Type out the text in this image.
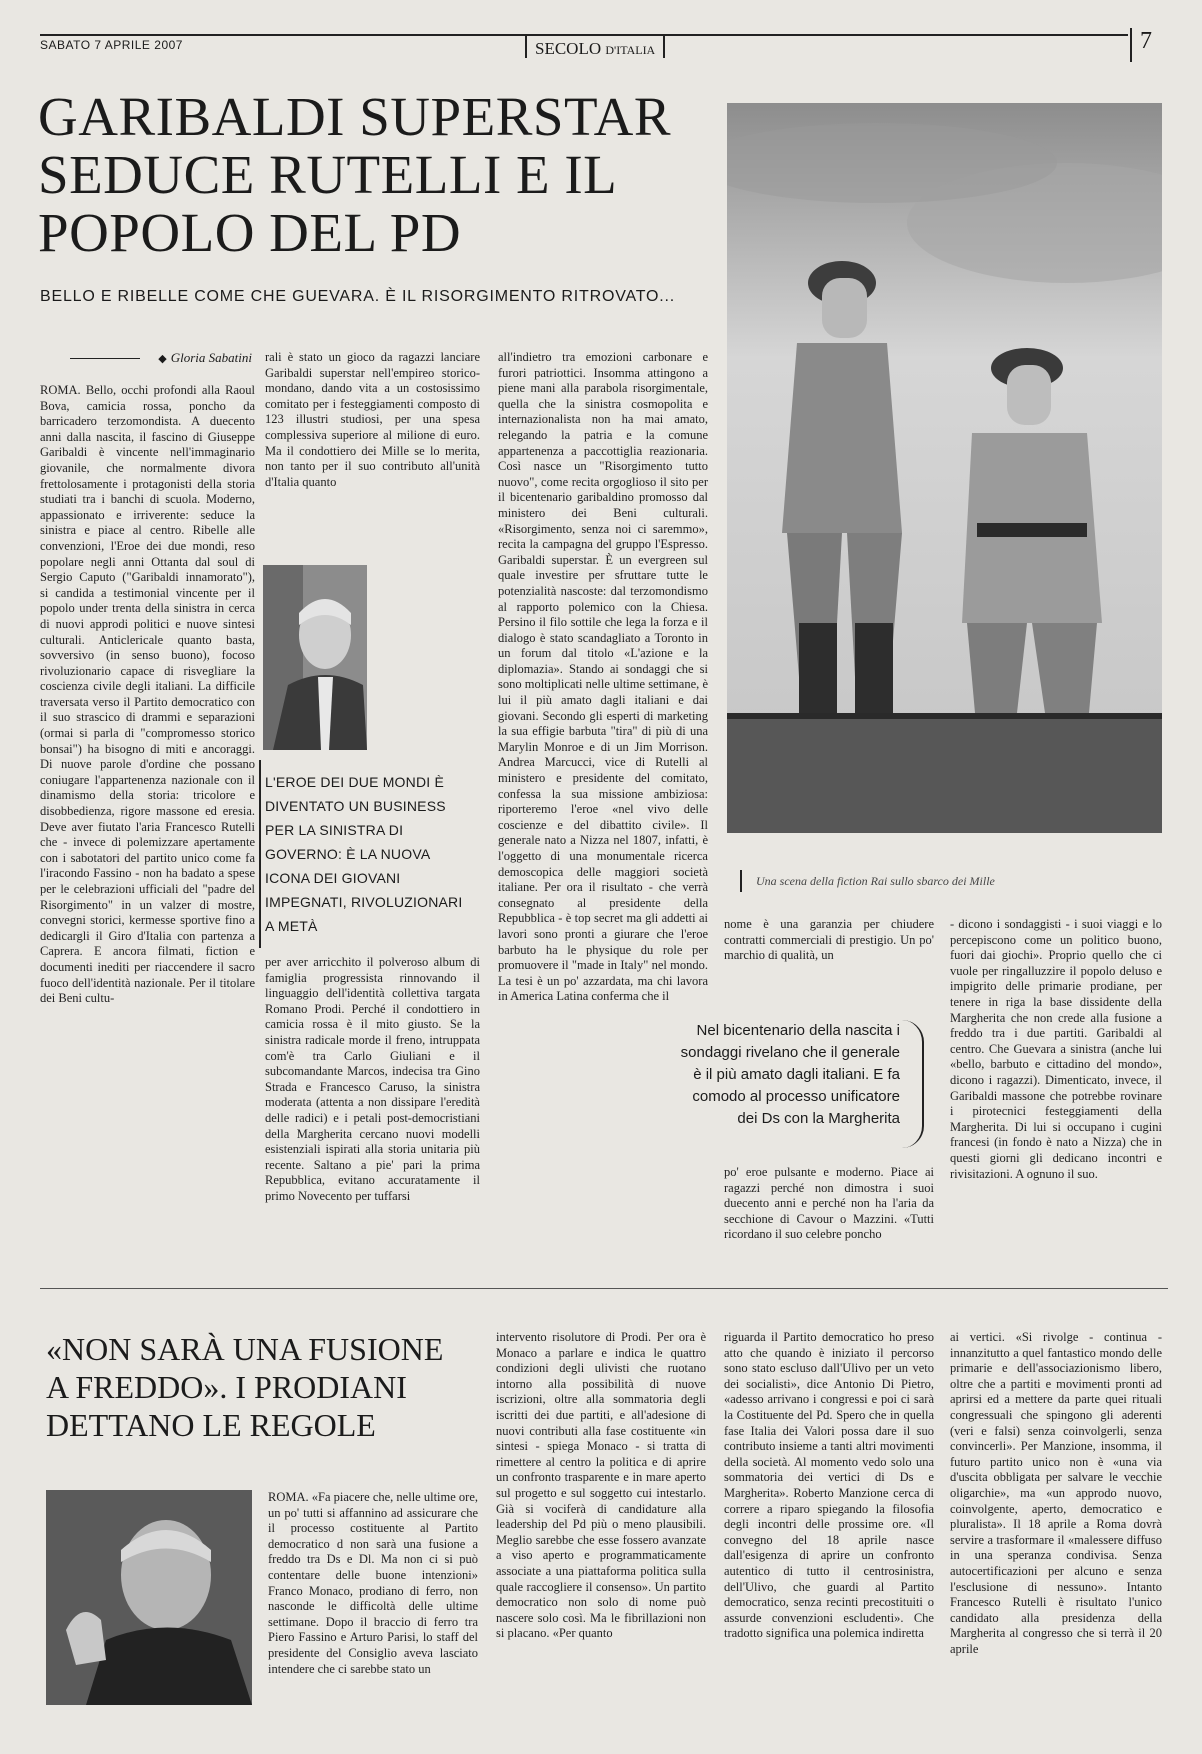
SABATO 7 APRILE 2007	SECOLO D'ITALIA	7
GARIBALDI SUPERSTAR SEDUCE RUTELLI E IL POPOLO DEL PD
BELLO E RIBELLE COME CHE GUEVARA. È IL RISORGIMENTO RITROVATO...
◆ Gloria Sabatini

ROMA. Bello, occhi profondi alla Raoul Bova, camicia rossa, poncho da barricadero terzomondista. A duecento anni dalla nascita, il fascino di Giuseppe Garibaldi è vincente nell'immaginario giovanile, che normalmente divora frettolosamente i protagonisti della storia studiati tra i banchi di scuola. Moderno, appassionato e irriverente: seduce la sinistra e piace al centro. Ribelle alle convenzioni, l'Eroe dei due mondi, reso popolare negli anni Ottanta dal soul di Sergio Caputo ("Garibaldi innamorato"), si candida a testimonial vincente per il popolo under trenta della sinistra in cerca di nuovi approdi politici e nuove sintesi culturali. Anticlericale quanto basta, sovversivo (in senso buono), focoso rivoluzionario capace di risvegliare la coscienza civile degli italiani. La difficile traversata verso il Partito democratico con il suo strascico di drammi e separazioni (ormai si parla di "compromesso storico bonsai") ha bisogno di miti e ancoraggi. Di nuove parole d'ordine che possano coniugare l'appartenenza nazionale con il dinamismo della storia: tricolore e disobbedienza, rigore massone ed eresia. Deve aver fiutato l'aria Francesco Rutelli che - invece di polemizzare apertamente con i sabotatori del partito unico come fa l'iracondo Fassino - non ha badato a spese per le celebrazioni ufficiali del "padre del Risorgimento" in un valzer di mostre, convegni storici, kermesse sportive fino a dedicargli il Giro d'Italia con partenza a Caprera. E ancora filmati, fiction e documenti inediti per riaccendere il sacro fuoco dell'identità nazionale. Per il titolare dei Beni cultu-

rali è stato un gioco da ragazzi lanciare Garibaldi superstar nell'empireo storico-mondano, dando vita a un costosissimo comitato per i festeggiamenti composto di 123 illustri studiosi, per una spesa complessiva superiore al milione di euro. Ma il condottiero dei Mille se lo merita, non tanto per il suo contributo all'unità d'Italia quanto

per aver arricchito il polveroso album di famiglia progressista rinnovando il linguaggio dell'identità collettiva targata Romano Prodi. Perché il condottiero in camicia rossa è il mito giusto. Se la sinistra radicale morde il freno, intruppata com'è tra Carlo Giuliani e il subcomandante Marcos, indecisa tra Gino Strada e Francesco Caruso, la sinistra moderata (attenta a non dissipare l'eredità delle radici) e i petali post-democristiani della Margherita cercano nuovi modelli esistenziali ispirati alla storia unitaria più recente. Saltano a pie' pari la prima Repubblica, evitano accuratamente il primo Novecento per tuffarsi

all'indietro tra emozioni carbonare e furori patriottici. Insomma attingono a piene mani alla parabola risorgimentale, quella che la sinistra cosmopolita e internazionalista non ha mai amato, relegando la patria e la comune appartenenza a paccottiglia reazionaria. Così nasce un "Risorgimento tutto nuovo", come recita orgoglioso il sito per il bicentenario garibaldino promosso dal ministero dei Beni culturali. «Risorgimento, senza noi ci saremmo», recita la campagna del gruppo l'Espresso. Garibaldi superstar. È un evergreen sul quale investire per sfruttare tutte le potenzialità nascoste: dal terzomondismo al rapporto polemico con la Chiesa. Persino il filo sottile che lega la forza e il dialogo è stato scandagliato a Toronto in un forum dal titolo «L'azione e la diplomazia». Stando ai sondaggi che si sono moltiplicati nelle ultime settimane, è lui il più amato dagli italiani e dai giovani. Secondo gli esperti di marketing la sua effigie barbuta "tira" di più di una Marylin Monroe e di un Jim Morrison. Andrea Marcucci, vice di Rutelli al ministero e presidente del comitato, confessa la sua missione ambiziosa: riporteremo l'eroe «nel vivo delle coscienze e del dibattito civile». Il generale nato a Nizza nel 1807, infatti, è l'oggetto di una monumentale ricerca demoscopica delle maggiori società italiane. Per ora il risultato - che verrà consegnato al presidente della Repubblica - è top secret ma gli addetti ai lavori sono pronti a giurare che l'eroe barbuto ha le physique du role per promuovere il "made in Italy" nel mondo. La tesi è un po' azzardata, ma chi lavora in America Latina conferma che il

nome è una garanzia per chiudere contratti commerciali di prestigio. Un po' marchio di qualità, un

po' eroe pulsante e moderno. Piace ai ragazzi perché non dimostra i suoi duecento anni e perché non ha l'aria da secchione di Cavour o Mazzini. «Tutti ricordano il suo celebre poncho

- dicono i sondaggisti - i suoi viaggi e lo percepiscono come un politico buono, fuori dai giochi». Proprio quello che ci vuole per ringalluzzire il popolo deluso e impigrito delle primarie prodiane, per tenere in riga la base dissidente della Margherita che non crede alla fusione a freddo tra i due partiti. Garibaldi al centro. Che Guevara a sinistra (anche lui «bello, barbuto e cittadino del mondo», dicono i ragazzi). Dimenticato, invece, il Garibaldi massone che potrebbe rovinare i pirotecnici festeggiamenti della Margherita. Di lui si occupano i cugini francesi (in fondo è nato a Nizza) che in questi giorni gli dedicano incontri e rivisitazioni. A ognuno il suo.

Una scena della fiction Rai sullo sbarco dei Mille
L'EROE DEI DUE MONDI È DIVENTATO UN BUSINESS PER LA SINISTRA DI GOVERNO: È LA NUOVA ICONA DEI GIOVANI IMPEGNATI, RIVOLUZIONARI A METÀ
Nel bicentenario della nascita i sondaggi rivelano che il generale è il più amato dagli italiani. E fa comodo al processo unificatore dei Ds con la Margherita
«NON SARÀ UNA FUSIONE A FREDDO». I PRODIANI DETTANO LE REGOLE

ROMA. «Fa piacere che, nelle ultime ore, un po' tutti si affannino ad assicurare che il processo costituente al Partito democratico d non sarà una fusione a freddo tra Ds e Dl. Ma non ci si può contentare delle buone intenzioni» Franco Monaco, prodiano di ferro, non nasconde le difficoltà delle ultime settimane. Dopo il braccio di ferro tra Piero Fassino e Arturo Parisi, lo staff del presidente del Consiglio aveva lasciato intendere che ci sarebbe stato un

intervento risolutore di Prodi. Per ora è Monaco a parlare e indica le quattro condizioni degli ulivisti che ruotano intorno alla possibilità di nuove iscrizioni, oltre alla sommatoria degli iscritti dei due partiti, e all'adesione di nuovi contributi alla fase costituente «in sintesi - spiega Monaco - si tratta di rimettere al centro la politica e di aprire un confronto trasparente e in mare aperto sul progetto e sul soggetto cui intestarlo. Già si vociferà di candidature alla leadership del Pd più o meno plausibili. Meglio sarebbe che esse fossero avanzate a viso aperto e programmaticamente associate a una piattaforma politica sulla quale raccogliere il consenso». Un partito democratico non solo di nome può nascere solo così. Ma le fibrillazioni non si placano. «Per quanto

riguarda il Partito democratico ho preso atto che quando è iniziato il percorso sono stato escluso dall'Ulivo per un veto dei socialisti», dice Antonio Di Pietro, «adesso arrivano i congressi e poi ci sarà la Costituente del Pd. Spero che in quella fase Italia dei Valori possa dare il suo contributo insieme a tanti altri movimenti della società. Al momento vedo solo una sommatoria dei vertici di Ds e Margherita». Roberto Manzione cerca di correre a riparo spiegando la filosofia degli incontri delle prossime ore. «Il convegno del 18 aprile nasce dall'esigenza di aprire un confronto autentico di tutto il centrosinistra, dell'Ulivo, che guardi al Partito democratico, senza recinti precostituiti o assurde convenzioni escludenti». Che tradotto significa una polemica indiretta

ai vertici. «Si rivolge - continua - innanzitutto a quel fantastico mondo delle primarie e dell'associazionismo libero, oltre che a partiti e movimenti pronti ad aprirsi ed a mettere da parte quei rituali congressuali che spingono gli aderenti (veri e falsi) senza coinvolgerli, senza convincerli». Per Manzione, insomma, il futuro partito unico non è «una via d'uscita obbligata per salvare le vecchie oligarchie», ma «un approdo nuovo, coinvolgente, aperto, democratico e pluralista». Il 18 aprile a Roma dovrà servire a trasformare il «malessere diffuso in una speranza condivisa. Senza autocertificazioni per alcuno e senza l'esclusione di nessuno». Intanto Francesco Rutelli è risultato l'unico candidato alla presidenza della Margherita al congresso che si terrà il 20 aprile
